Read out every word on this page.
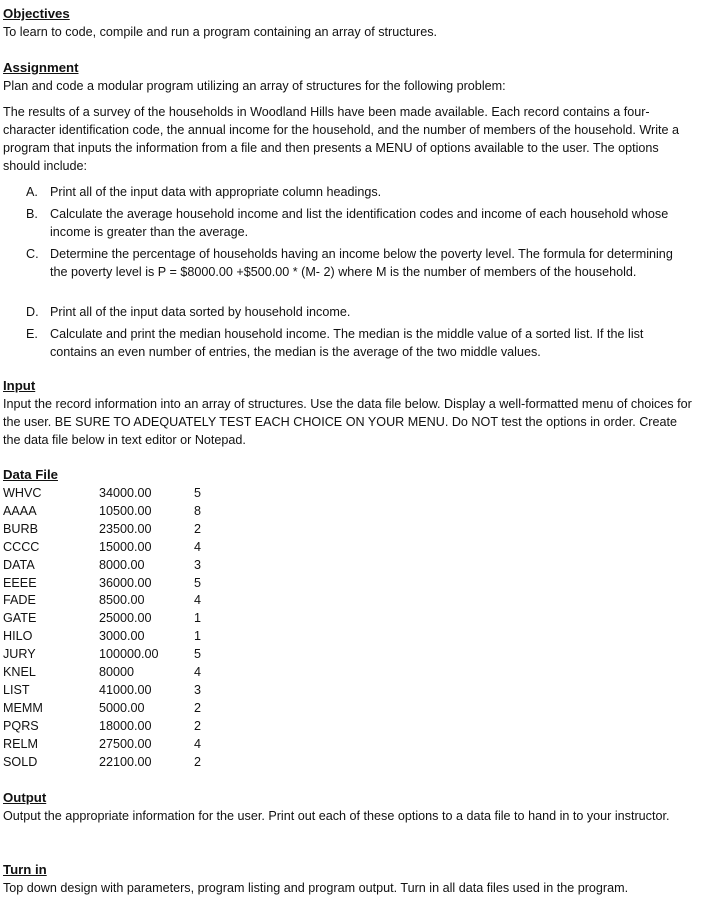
Objectives

To learn to code, compile and run a program containing an array of structures.

Assignment

Plan and code a modular program utilizing an array of structures for the following problem:

The results of a survey of the households in Woodland Hills have been made available. Each record contains a four-character identification code, the annual income for the household, and the number of members of the household. Write a program that inputs the information from a file and then presents a MENU of options available to the user. The options should include:

A. Print all of the input data with appropriate column headings.
B. Calculate the average household income and list the identification codes and income of each household whose income is greater than the average.
C. Determine the percentage of households having an income below the poverty level. The formula for determining the poverty level is P = $8000.00 +$500.00 * (M- 2) where M is the number of members of the household.
D. Print all of the input data sorted by household income.
E. Calculate and print the median household income. The median is the middle value of a sorted list. If the list contains an even number of entries, the median is the average of the two middle values.
Input

Input the record information into an array of structures. Use the data file below. Display a well-formatted menu of choices for the user. BE SURE TO ADEQUATELY TEST EACH CHOICE ON YOUR MENU. Do NOT test the options in order. Create the data file below in text editor or Notepad.

Data File
WHVC	34000.00	5
AAAA	10500.00	8
BURB	23500.00	2
CCCC	15000.00	4
DATA	8000.00	3
EEEE	36000.00	5
FADE	8500.00	4
GATE	25000.00	1
HILO	3000.00	1
JURY	100000.00	5
KNEL	80000	4
LIST	41000.00	3
MEMM	5000.00	2
PQRS	18000.00	2
RELM	27500.00	4
SOLD	22100.00	2
Output

Output the appropriate information for the user. Print out each of these options to a data file to hand in to your instructor.

Turn in

Top down design with parameters, program listing and program output. Turn in all data files used in the program.
